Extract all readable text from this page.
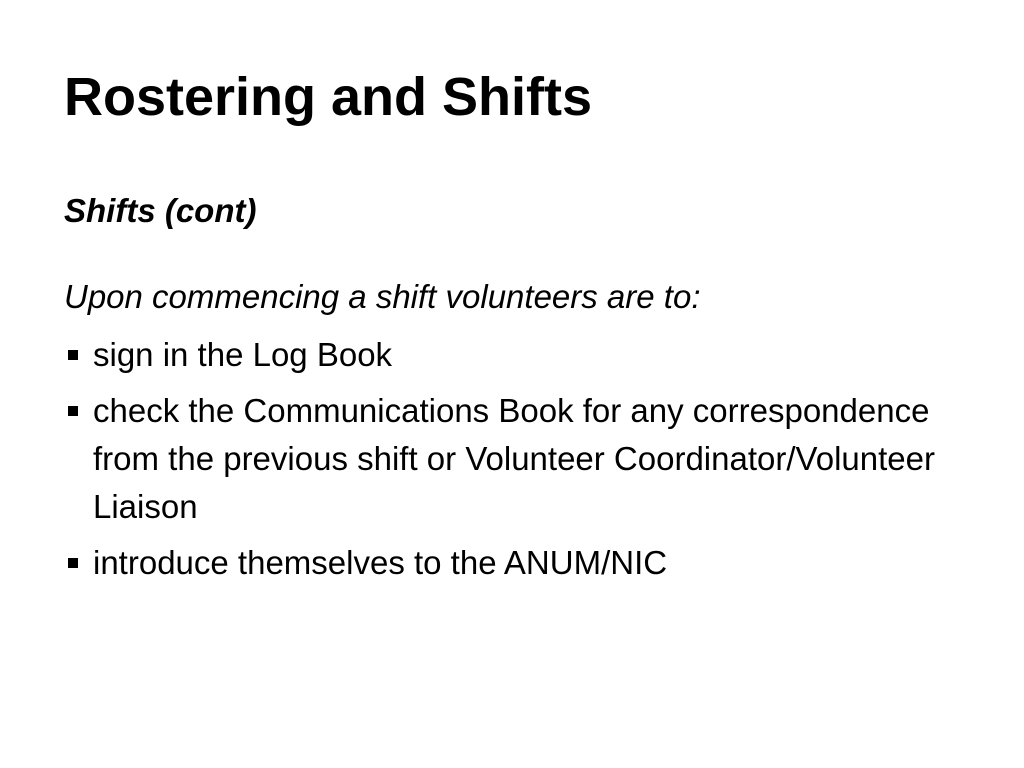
Rostering and Shifts
Shifts (cont)

Upon commencing a shift volunteers are to:

sign in the Log Book
check the Communications Book for any correspondence from the previous shift or Volunteer Coordinator/Volunteer Liaison
introduce themselves to the ANUM/NIC
